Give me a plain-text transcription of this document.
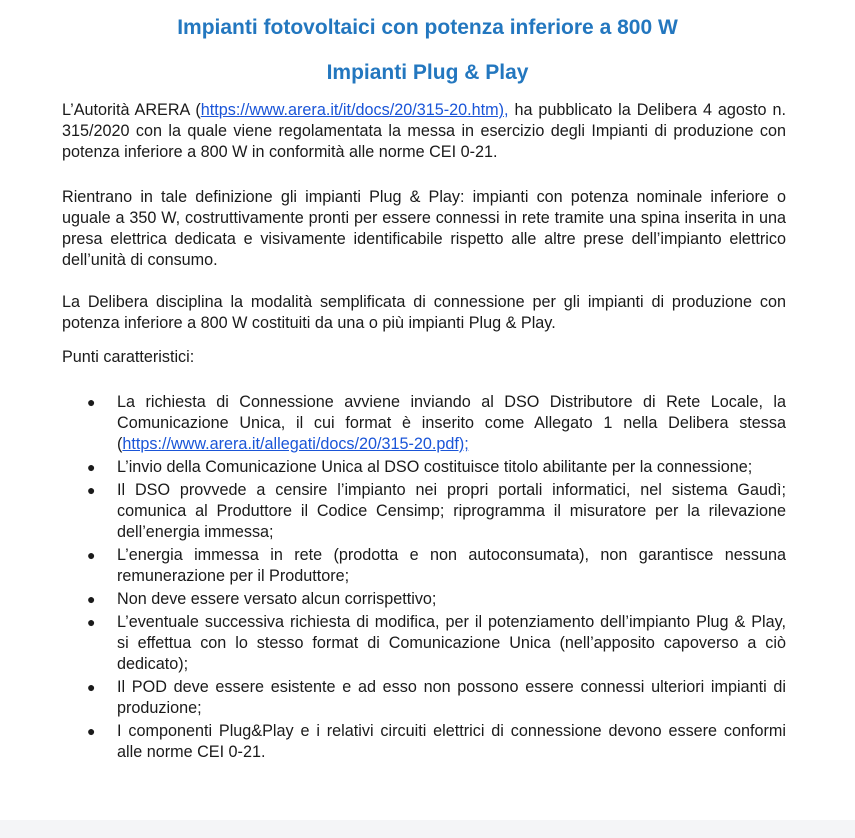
Impianti fotovoltaici con potenza inferiore a 800 W
Impianti Plug & Play

L’Autorità ARERA (https://www.arera.it/it/docs/20/315-20.htm), ha pubblicato la Delibera 4 agosto n. 315/2020 con la quale viene regolamentata la messa in esercizio degli Impianti di produzione con potenza inferiore a 800 W in conformità alle norme CEI 0-21.

Rientrano in tale definizione gli impianti Plug & Play: impianti con potenza nominale inferiore o uguale a 350 W, costruttivamente pronti per essere connessi in rete tramite una spina inserita in una presa elettrica dedicata e visivamente identificabile rispetto alle altre prese dell’impianto elettrico dell’unità di consumo.

La Delibera disciplina la modalità semplificata di connessione per gli impianti di produzione con potenza inferiore a 800 W costituiti da una o più impianti Plug & Play.

Punti caratteristici:

● La richiesta di Connessione avviene inviando al DSO Distributore di Rete Locale, la Comunicazione Unica, il cui format è inserito come Allegato 1 nella Delibera stessa (https://www.arera.it/allegati/docs/20/315-20.pdf);
● L’invio della Comunicazione Unica al DSO costituisce titolo abilitante per la connessione;
● Il DSO provvede a censire l’impianto nei propri portali informatici, nel sistema Gaudì; comunica al Produttore il Codice Censimp; riprogramma il misuratore per la rilevazione dell’energia immessa;
● L’energia immessa in rete (prodotta e non autoconsumata), non garantisce nessuna remunerazione per il Produttore;
● Non deve essere versato alcun corrispettivo;
● L’eventuale successiva richiesta di modifica, per il potenziamento dell’impianto Plug & Play, si effettua con lo stesso format di Comunicazione Unica (nell’apposito capoverso a ciò dedicato);
● Il POD deve essere esistente e ad esso non possono essere connessi ulteriori impianti di produzione;
● I componenti Plug&Play e i relativi circuiti elettrici di connessione devono essere conformi alle norme CEI 0-21.
